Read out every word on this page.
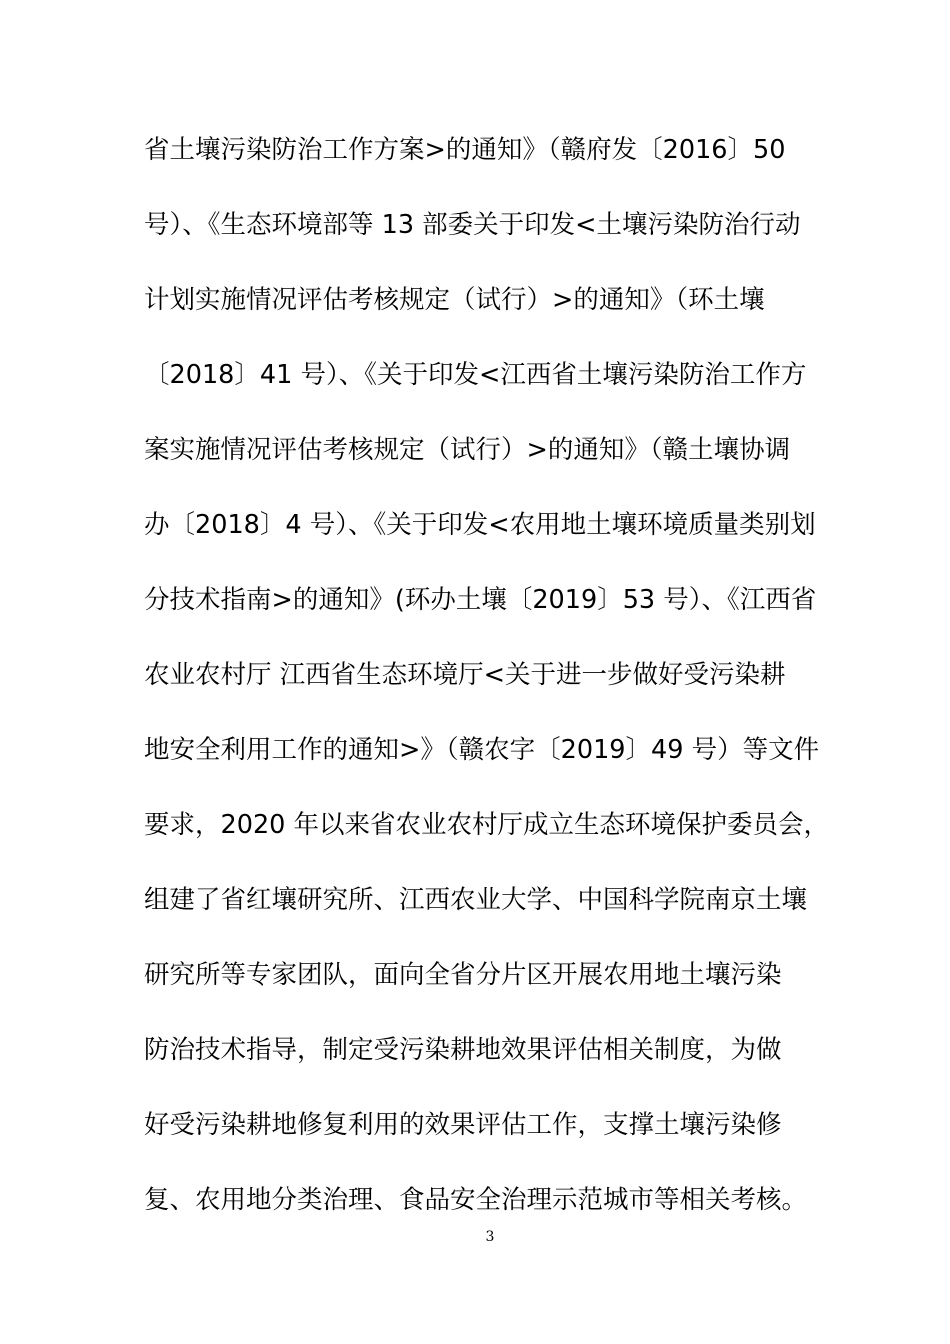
省土壤污染防治工作方案>的通知》（赣府发〔2016〕50
号）、《生态环境部等 13 部委关于印发<土壤污染防治行动
计划实施情况评估考核规定（试行）>的通知》（环土壤
〔2018〕41 号）、《关于印发<江西省土壤污染防治工作方
案实施情况评估考核规定（试行）>的通知》（赣土壤协调
办〔2018〕4 号）、《关于印发<农用地土壤环境质量类别划
分技术指南>的通知》(环办土壤〔2019〕53 号）、《江西省
农业农村厅 江西省生态环境厅<关于进一步做好受污染耕
地安全利用工作的通知>》（赣农字〔2019〕49 号）等文件
要求，2020 年以来省农业农村厅成立生态环境保护委员会，
组建了省红壤研究所、江西农业大学、中国科学院南京土壤
研究所等专家团队，面向全省分片区开展农用地土壤污染
防治技术指导，制定受污染耕地效果评估相关制度，为做
好受污染耕地修复利用的效果评估工作，支撑土壤污染修
复、农用地分类治理、食品安全治理示范城市等相关考核。
3
